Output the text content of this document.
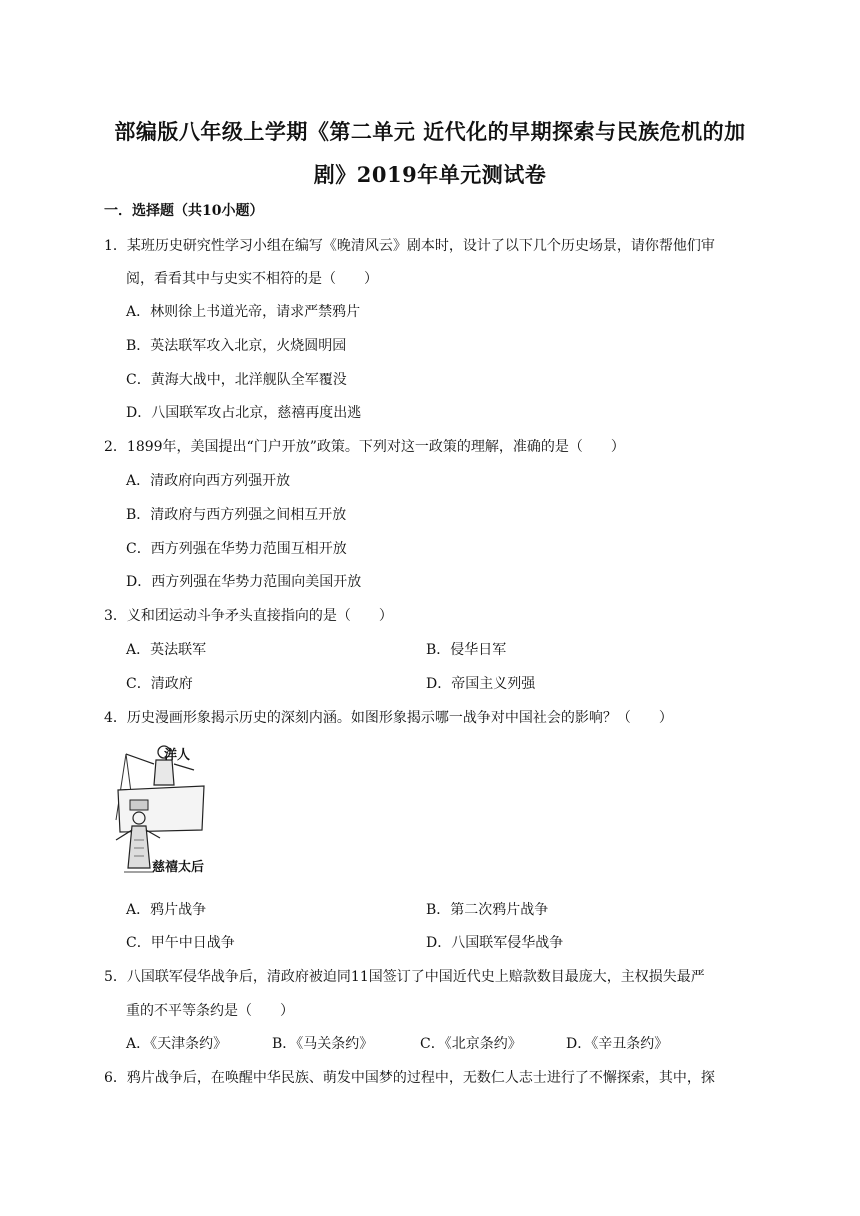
部编版八年级上学期《第二单元 近代化的早期探索与民族危机的加
剧》2019年单元测试卷
一．选择题（共10小题）
1．某班历史研究性学习小组在编写《晚清风云》剧本时，设计了以下几个历史场景，请你帮他们审
阅，看看其中与史实不相符的是（　　）
A．林则徐上书道光帝，请求严禁鸦片
B．英法联军攻入北京，火烧圆明园
C．黄海大战中，北洋舰队全军覆没
D．八国联军攻占北京，慈禧再度出逃
2．1899年，美国提出“门户开放”政策。下列对这一政策的理解，准确的是（　　）
A．清政府向西方列强开放
B．清政府与西方列强之间相互开放
C．西方列强在华势力范围互相开放
D．西方列强在华势力范围向美国开放
3．义和团运动斗争矛头直接指向的是（　　）
A．英法联军	B．侵华日军
C．清政府	D．帝国主义列强
4．历史漫画形象揭示历史的深刻内涵。如图形象揭示哪一战争对中国社会的影响？（　　）
洋人
慈禧太后
A．鸦片战争	B．第二次鸦片战争
C．甲午中日战争	D．八国联军侵华战争
5．八国联军侵华战争后，清政府被迫同11国签订了中国近代史上赔款数目最庞大，主权损失最严
重的不平等条约是（　　）
A．《天津条约》	B．《马关条约》	C．《北京条约》	D．《辛丑条约》
6．鸦片战争后，在唤醒中华民族、萌发中国梦的过程中，无数仁人志士进行了不懈探索，其中，探
